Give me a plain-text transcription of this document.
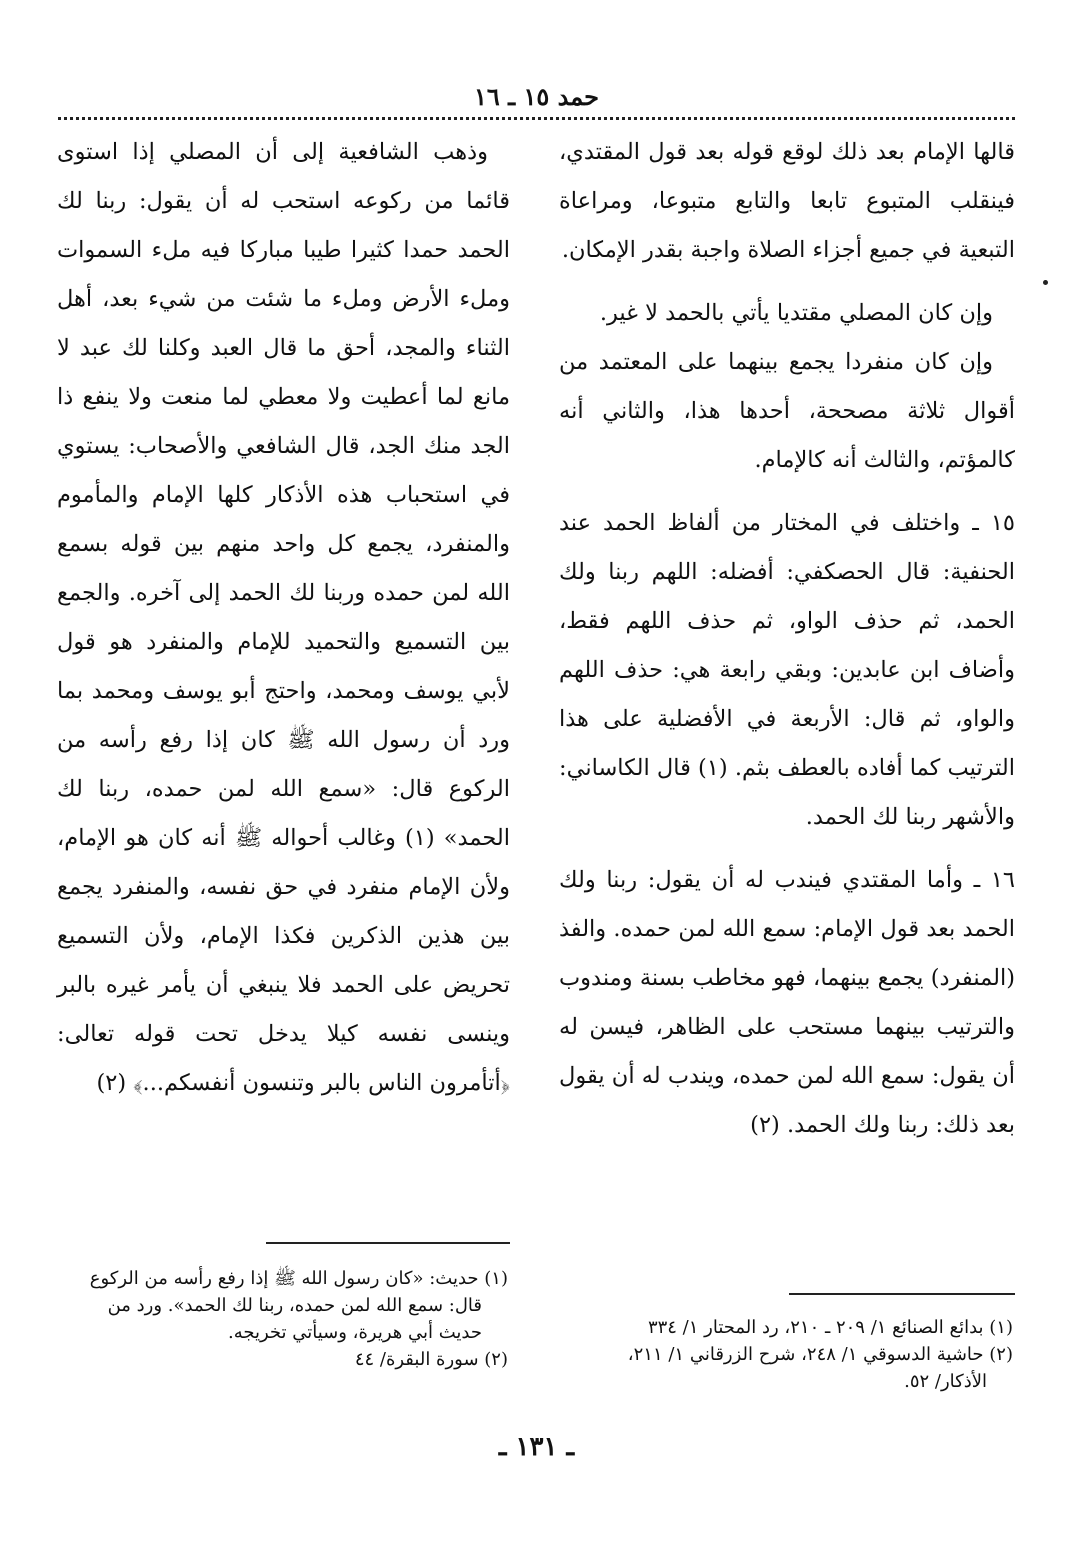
حمد ١٥ ـ ١٦

قالها الإمام بعد ذلك لوقع قوله بعد قول المقتدي، فينقلب المتبوع تابعا والتابع متبوعا، ومراعاة التبعية في جميع أجزاء الصلاة واجبة بقدر الإمكان.

وإن كان المصلي مقتديا يأتي بالحمد لا غير.

وإن كان منفردا يجمع بينهما على المعتمد من أقوال ثلاثة مصححة، أحدها هذا، والثاني أنه كالمؤتم، والثالث أنه كالإمام.

١٥ ـ واختلف في المختار من ألفاظ الحمد عند الحنفية: قال الحصكفي: أفضله: اللهم ربنا ولك الحمد، ثم حذف الواو، ثم حذف اللهم فقط، وأضاف ابن عابدين: وبقي رابعة هي: حذف اللهم والواو، ثم قال: الأربعة في الأفضلية على هذا الترتيب كما أفاده بالعطف بثم. (١) قال الكاساني: والأشهر ربنا لك الحمد.

١٦ ـ وأما المقتدي فيندب له أن يقول: ربنا ولك الحمد بعد قول الإمام: سمع الله لمن حمده. والفذ (المنفرد) يجمع بينهما، فهو مخاطب بسنة ومندوب والترتيب بينهما مستحب على الظاهر، فيسن له أن يقول: سمع الله لمن حمده، ويندب له أن يقول بعد ذلك: ربنا ولك الحمد. (٢)

وذهب الشافعية إلى أن المصلي إذا استوى قائما من ركوعه استحب له أن يقول: ربنا لك الحمد حمدا كثيرا طيبا مباركا فيه ملء السموات وملء الأرض وملء ما شئت من شيء بعد، أهل الثناء والمجد، أحق ما قال العبد وكلنا لك عبد لا مانع لما أعطيت ولا معطي لما منعت ولا ينفع ذا الجد منك الجد، قال الشافعي والأصحاب: يستوي في استحباب هذه الأذكار كلها الإمام والمأموم والمنفرد، يجمع كل واحد منهم بين قوله بسمع الله لمن حمده وربنا لك الحمد إلى آخره. والجمع بين التسميع والتحميد للإمام والمنفرد هو قول لأبي يوسف ومحمد، واحتج أبو يوسف ومحمد بما ورد أن رسول الله ﷺ كان إذا رفع رأسه من الركوع قال: «سمع الله لمن حمده، ربنا لك الحمد» (١) وغالب أحواله ﷺ أنه كان هو الإمام، ولأن الإمام منفرد في حق نفسه، والمنفرد يجمع بين هذين الذكرين فكذا الإمام، ولأن التسميع تحريض على الحمد فلا ينبغي أن يأمر غيره بالبر وينسى نفسه كيلا يدخل تحت قوله تعالى: ﴿أتأمرون الناس بالبر وتنسون أنفسكم...﴾ (٢)

(١) بدائع الصنائع ١/ ٢٠٩ ـ ٢١٠، رد المحتار ١/ ٣٣٤

(٢) حاشية الدسوقي ١/ ٢٤٨، شرح الزرقاني ١/ ٢١١،

الأذكار/ ٥٢.

(١) حديث: «كان رسول الله ﷺ إذا رفع رأسه من الركوع

قال: سمع الله لمن حمده، ربنا لك الحمد». ورد من

حديث أبي هريرة، وسيأتي تخريجه.

(٢) سورة البقرة/ ٤٤

ـ ١٣١ ـ
